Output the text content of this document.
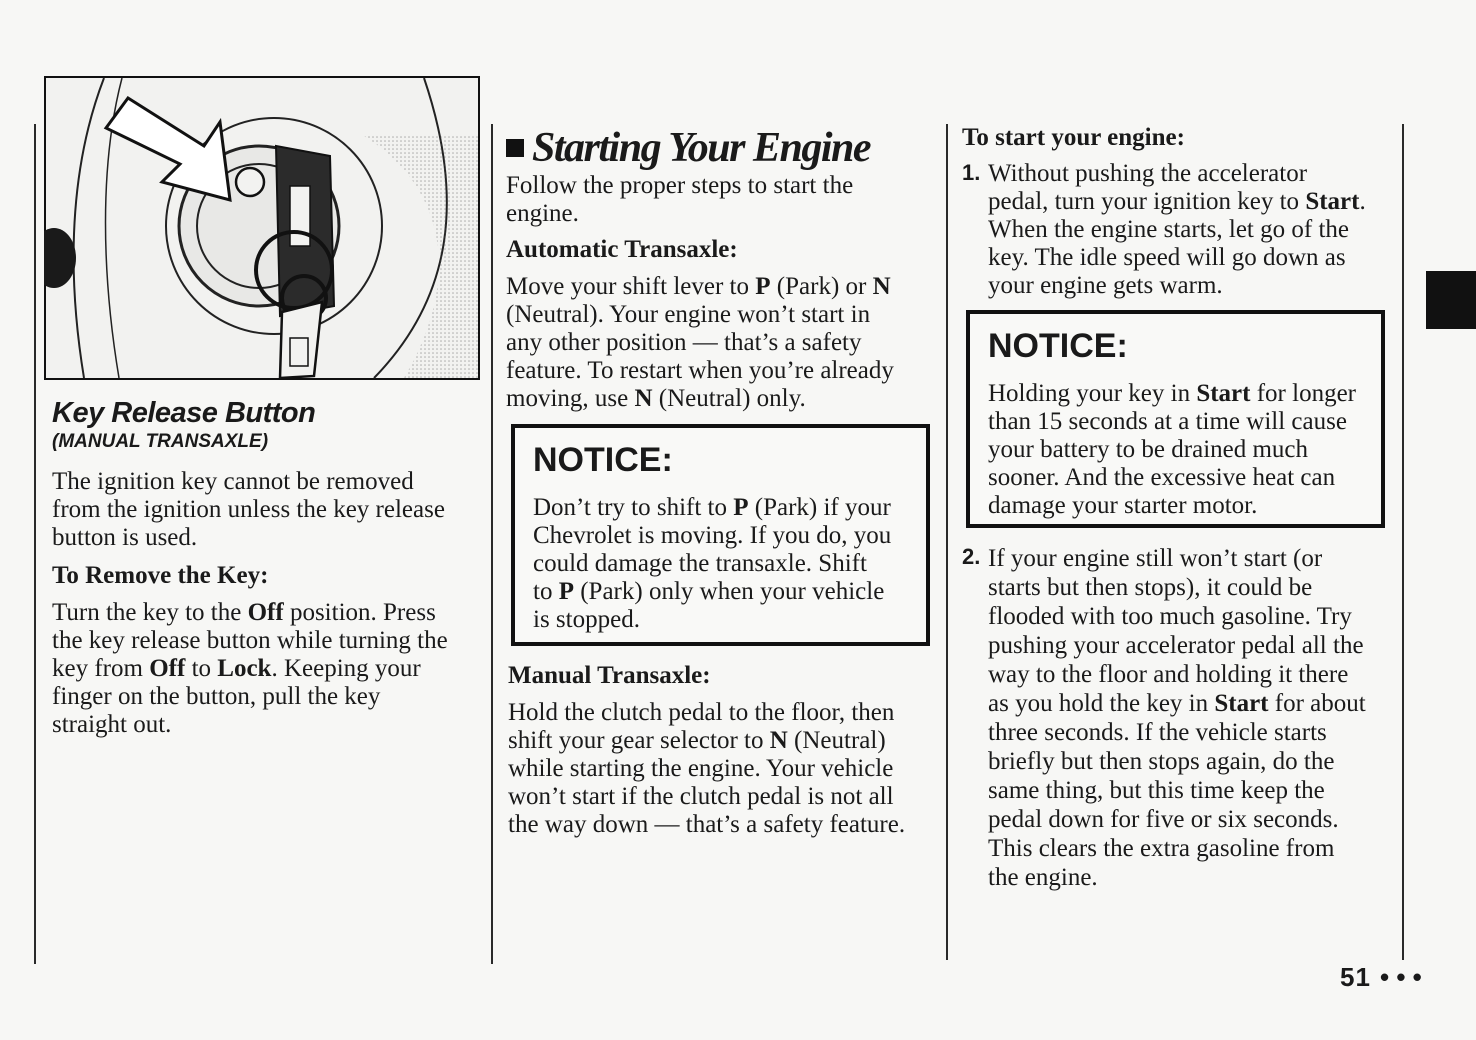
Key Release Button
(MANUAL TRANSAXLE)
The ignition key cannot be removed
from the ignition unless the key release
button is used.
To Remove the Key:
Turn the key to the Off position. Press
the key release button while turning the
key from Off to Lock. Keeping your
finger on the button, pull the key
straight out.
Starting Your Engine
Follow the proper steps to start the
engine.
Automatic Transaxle:
Move your shift lever to P (Park) or N
(Neutral). Your engine won’t start in
any other position — that’s a safety
feature. To restart when you’re already
moving, use N (Neutral) only.
NOTICE:
Don’t try to shift to P (Park) if your
Chevrolet is moving. If you do, you
could damage the transaxle. Shift
to P (Park) only when your vehicle
is stopped.
Manual Transaxle:
Hold the clutch pedal to the floor, then
shift your gear selector to N (Neutral)
while starting the engine. Your vehicle
won’t start if the clutch pedal is not all
the way down — that’s a safety feature.
To start your engine:
1. Without pushing the accelerator
pedal, turn your ignition key to Start.
When the engine starts, let go of the
key. The idle speed will go down as
your engine gets warm.
NOTICE:
Holding your key in Start for longer
than 15 seconds at a time will cause
your battery to be drained much
sooner. And the excessive heat can
damage your starter motor.
2. If your engine still won’t start (or
starts but then stops), it could be
flooded with too much gasoline. Try
pushing your accelerator pedal all the
way to the floor and holding it there
as you hold the key in Start for about
three seconds. If the vehicle starts
briefly but then stops again, do the
same thing, but this time keep the
pedal down for five or six seconds.
This clears the extra gasoline from
the engine.
51 • • •
